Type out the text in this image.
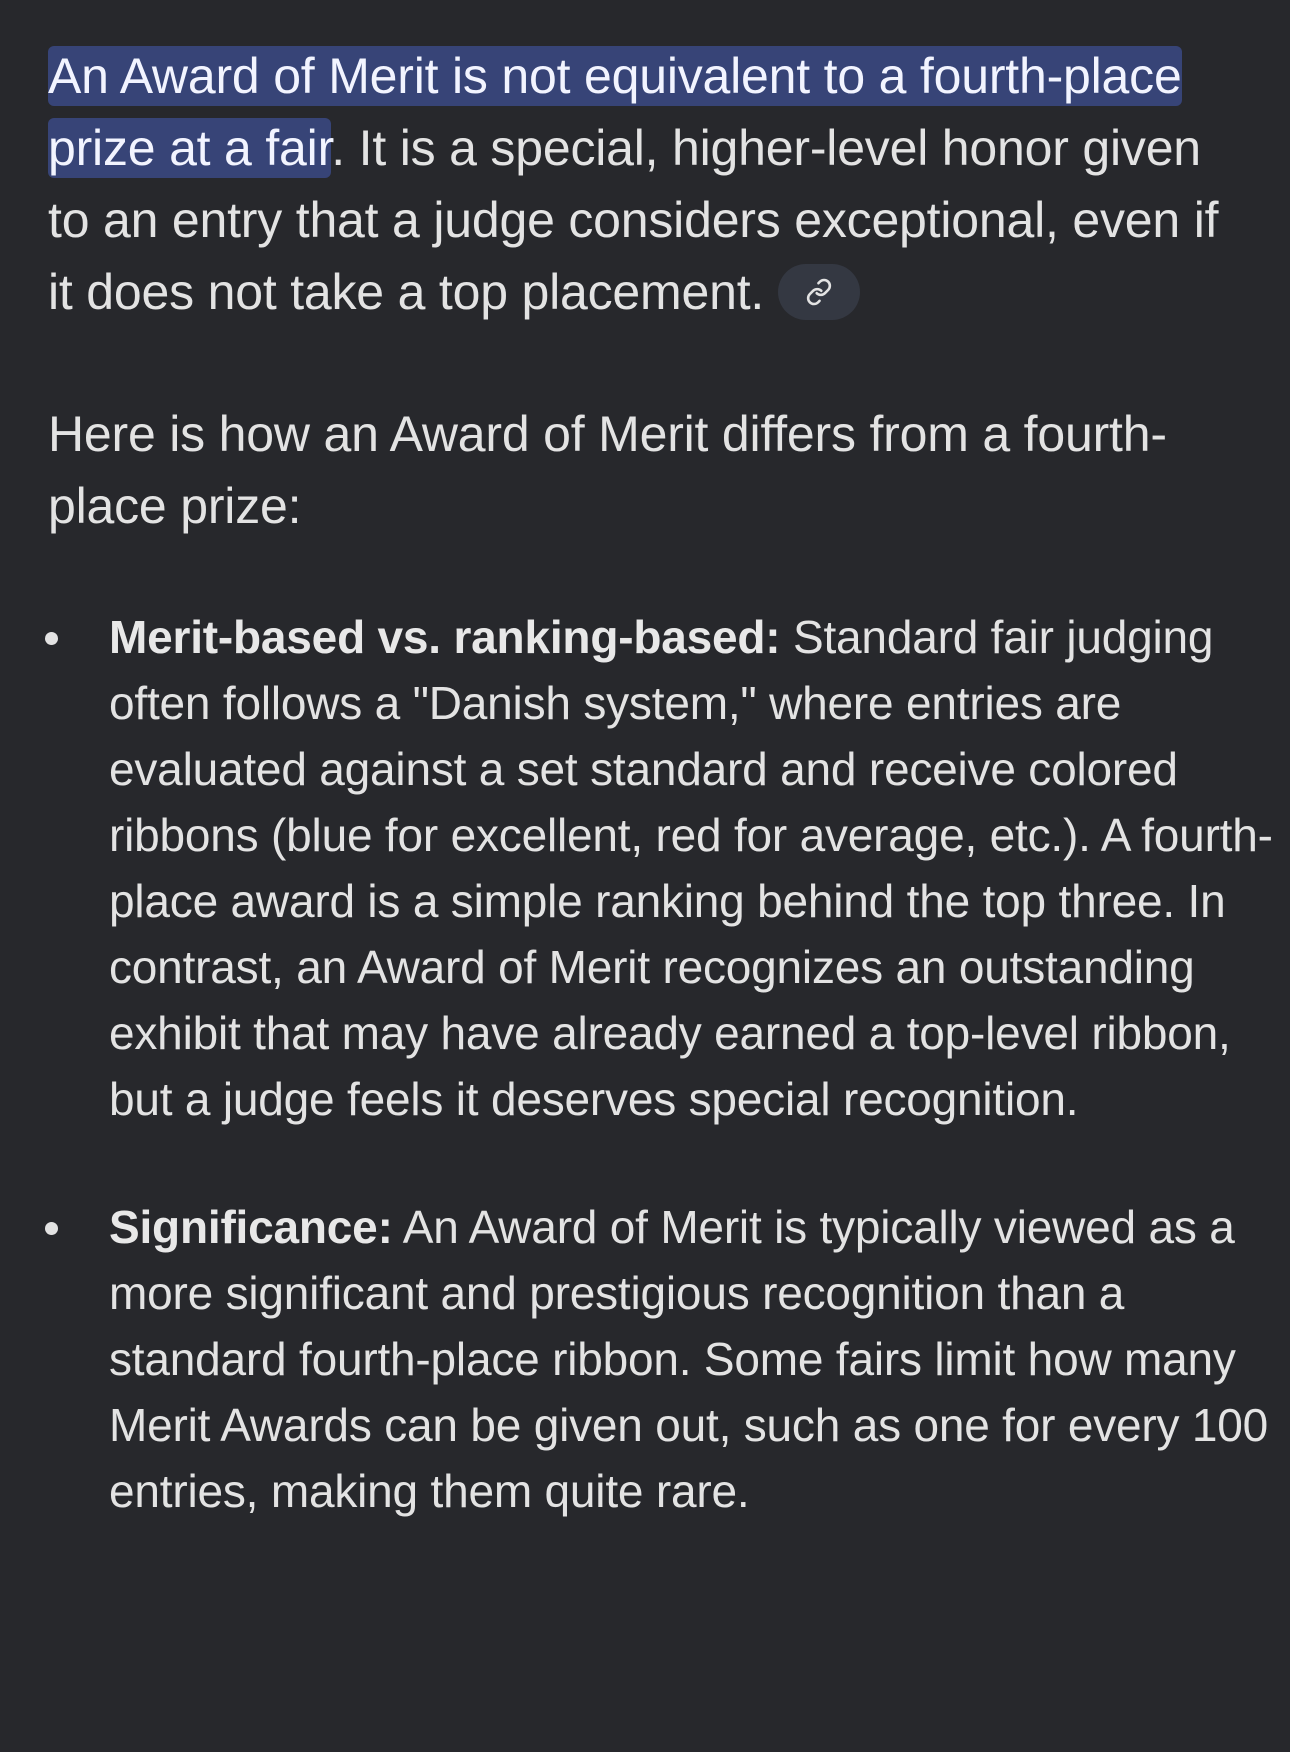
An Award of Merit is not equivalent to a fourth-place prize at a fair. It is a special, higher-level honor given to an entry that a judge considers exceptional, even if it does not take a top placement.

Here is how an Award of Merit differs from a fourth-place prize:

Merit-based vs. ranking-based: Standard fair judging often follows a "Danish system," where entries are evaluated against a set standard and receive colored ribbons (blue for excellent, red for average, etc.). A fourth-place award is a simple ranking behind the top three. In contrast, an Award of Merit recognizes an outstanding exhibit that may have already earned a top-level ribbon, but a judge feels it deserves special recognition.
Significance: An Award of Merit is typically viewed as a more significant and prestigious recognition than a standard fourth-place ribbon. Some fairs limit how many Merit Awards can be given out, such as one for every 100 entries, making them quite rare.
